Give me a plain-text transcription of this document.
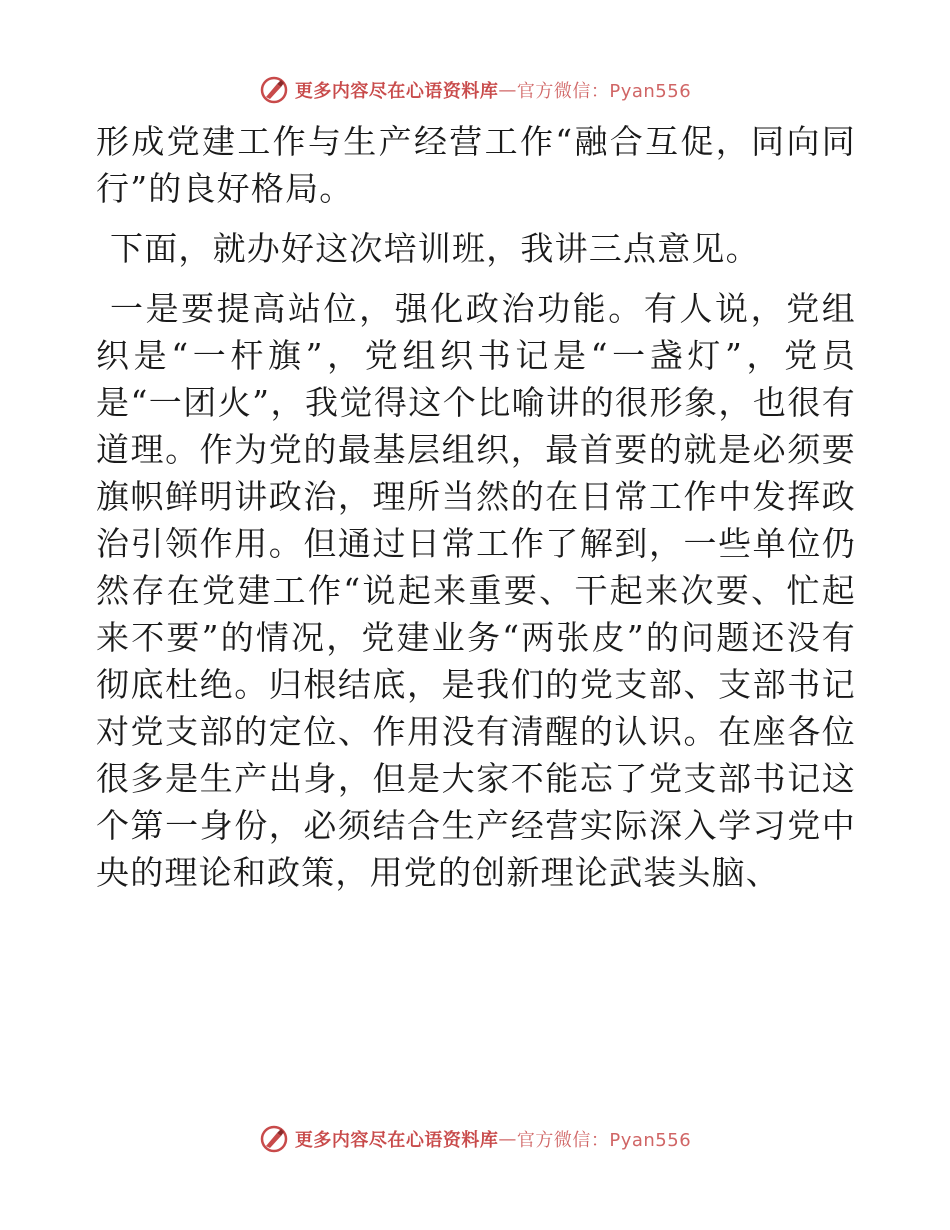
更多内容尽在心语资料库 — 官方微信：Pyan556

形成党建工作与生产经营工作“融合互促，同向同行”的良好格局。

下面，就办好这次培训班，我讲三点意见。

一是要提高站位，强化政治功能。有人说，党组织是“一杆旗”，党组织书记是“一盏灯”，党员是“一团火”，我觉得这个比喻讲的很形象，也很有道理。作为党的最基层组织，最首要的就是必须要旗帜鲜明讲政治，理所当然的在日常工作中发挥政治引领作用。但通过日常工作了解到，一些单位仍然存在党建工作“说起来重要、干起来次要、忙起来不要”的情况，党建业务“两张皮”的问题还没有彻底杜绝。归根结底，是我们的党支部、支部书记对党支部的定位、作用没有清醒的认识。在座各位很多是生产出身，但是大家不能忘了党支部书记这个第一身份，必须结合生产经营实际深入学习党中央的理论和政策，用党的创新理论武装头脑、

更多内容尽在心语资料库 — 官方微信：Pyan556
